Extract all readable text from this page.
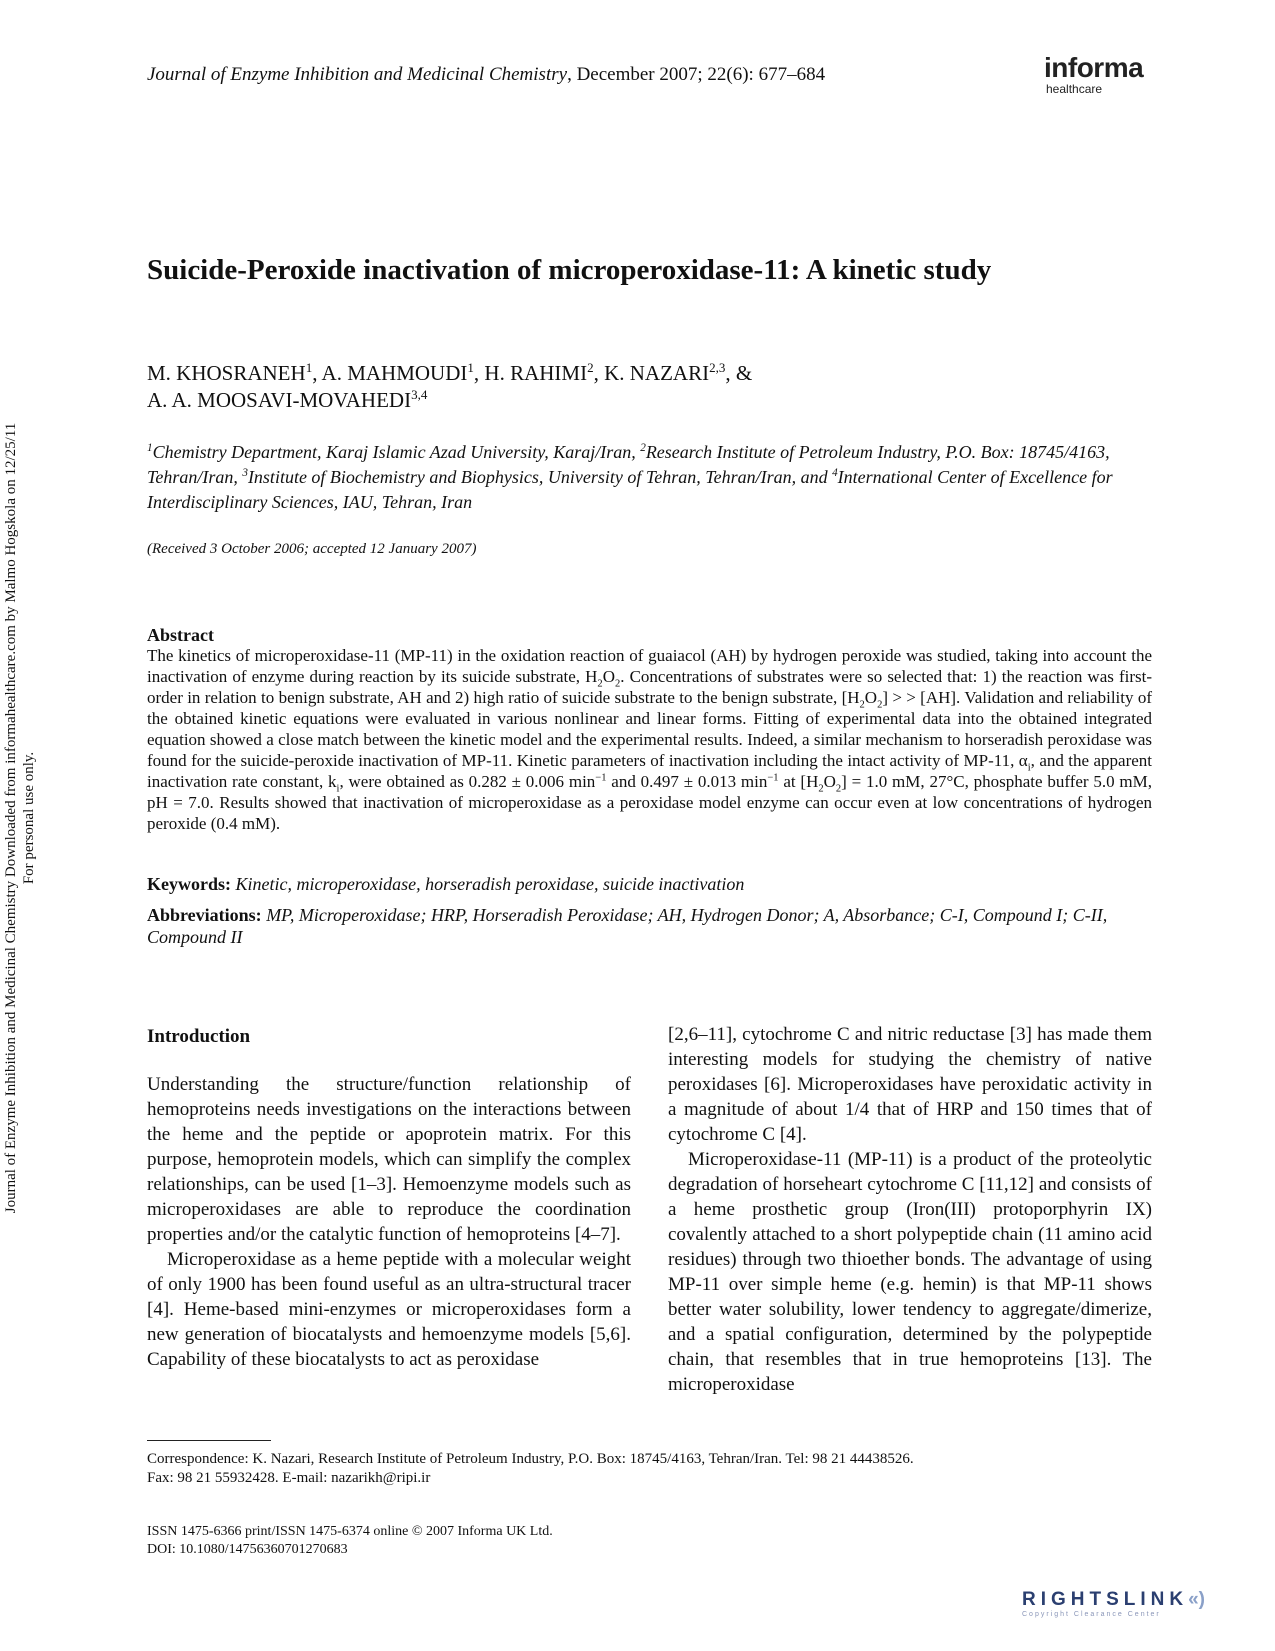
Journal of Enzyme Inhibition and Medicinal Chemistry, December 2007; 22(6): 677–684	informa
healthcare
Suicide-Peroxide inactivation of microperoxidase-11: A kinetic study
M. KHOSRANEH$^1$, A. MAHMOUDI$^1$, H. RAHIMI$^2$, K. NAZARI$^{2,3}$, &
A. A. MOOSAVI-MOVAHEDI$^{3,4}$
$^1$Chemistry Department, Karaj Islamic Azad University, Karaj/Iran, $^2$Research Institute of Petroleum Industry, P.O. Box: 18745/4163, Tehran/Iran, $^3$Institute of Biochemistry and Biophysics, University of Tehran, Tehran/Iran, and $^4$International Center of Excellence for Interdisciplinary Sciences, IAU, Tehran, Iran
(Received 3 October 2006; accepted 12 January 2007)
Abstract
The kinetics of microperoxidase-11 (MP-11) in the oxidation reaction of guaiacol (AH) by hydrogen peroxide was studied, taking into account the inactivation of enzyme during reaction by its suicide substrate, $H_2O_2$. Concentrations of substrates were so selected that: 1) the reaction was first-order in relation to benign substrate, AH and 2) high ratio of suicide substrate to the benign substrate, $[H_2O_2]$ > > [AH]. Validation and reliability of the obtained kinetic equations were evaluated in various nonlinear and linear forms. Fitting of experimental data into the obtained integrated equation showed a close match between the kinetic model and the experimental results. Indeed, a similar mechanism to horseradish peroxidase was found for the suicide-peroxide inactivation of MP-11. Kinetic parameters of inactivation including the intact activity of MP-11, $\alpha_i$, and the apparent inactivation rate constant, $k_i$, were obtained as 0.282 ± 0.006 $\min^{-1}$ and 0.497 ± 0.013 $\min^{-1}$ at $[H_2O_2] = 1.0$ mM, 27°C, phosphate buffer 5.0 mM, pH = 7.0. Results showed that inactivation of microperoxidase as a peroxidase model enzyme can occur even at low concentrations of hydrogen peroxide (0.4 mM).
Keywords: Kinetic, microperoxidase, horseradish peroxidase, suicide inactivation
Abbreviations: MP, Microperoxidase; HRP, Horseradish Peroxidase; AH, Hydrogen Donor; A, Absorbance; C-I, Compound I; C-II, Compound II
Introduction

Understanding the structure/function relationship of hemoproteins needs investigations on the interactions between the heme and the peptide or apoprotein matrix. For this purpose, hemoprotein models, which can simplify the complex relationships, can be used [1–3]. Hemoenzyme models such as microperoxidases are able to reproduce the coordination properties and/or the catalytic function of hemoproteins [4–7].

Microperoxidase as a heme peptide with a molecular weight of only 1900 has been found useful as an ultra-structural tracer [4]. Heme-based mini-enzymes or microperoxidases form a new generation of biocatalysts and hemoenzyme models [5,6]. Capability of these biocatalysts to act as peroxidase

[2,6–11], cytochrome C and nitric reductase [3] has made them interesting models for studying the chemistry of native peroxidases [6]. Microperoxidases have peroxidatic activity in a magnitude of about 1/4 that of HRP and 150 times that of cytochrome C [4].

Microperoxidase-11 (MP-11) is a product of the proteolytic degradation of horseheart cytochrome C [11,12] and consists of a heme prosthetic group (Iron(III) protoporphyrin IX) covalently attached to a short polypeptide chain (11 amino acid residues) through two thioether bonds. The advantage of using MP-11 over simple heme (e.g. hemin) is that MP-11 shows better water solubility, lower tendency to aggregate/dimerize, and a spatial configuration, determined by the polypeptide chain, that resembles that in true hemoproteins [13]. The microperoxidase

Correspondence: K. Nazari, Research Institute of Petroleum Industry, P.O. Box: 18745/4163, Tehran/Iran. Tel: 98 21 44438526.
Fax: 98 21 55932428. E-mail: nazarikh@ripi.ir
ISSN 1475-6366 print/ISSN 1475-6374 online © 2007 Informa UK Ltd.
DOI: 10.1080/14756360701270683
RIGHTSLINK«)
Copyright Clearance Center
Journal of Enzyme Inhibition and Medicinal Chemistry Downloaded from informahealthcare.com by Malmo Hogskola on 12/25/11 For personal use only.
